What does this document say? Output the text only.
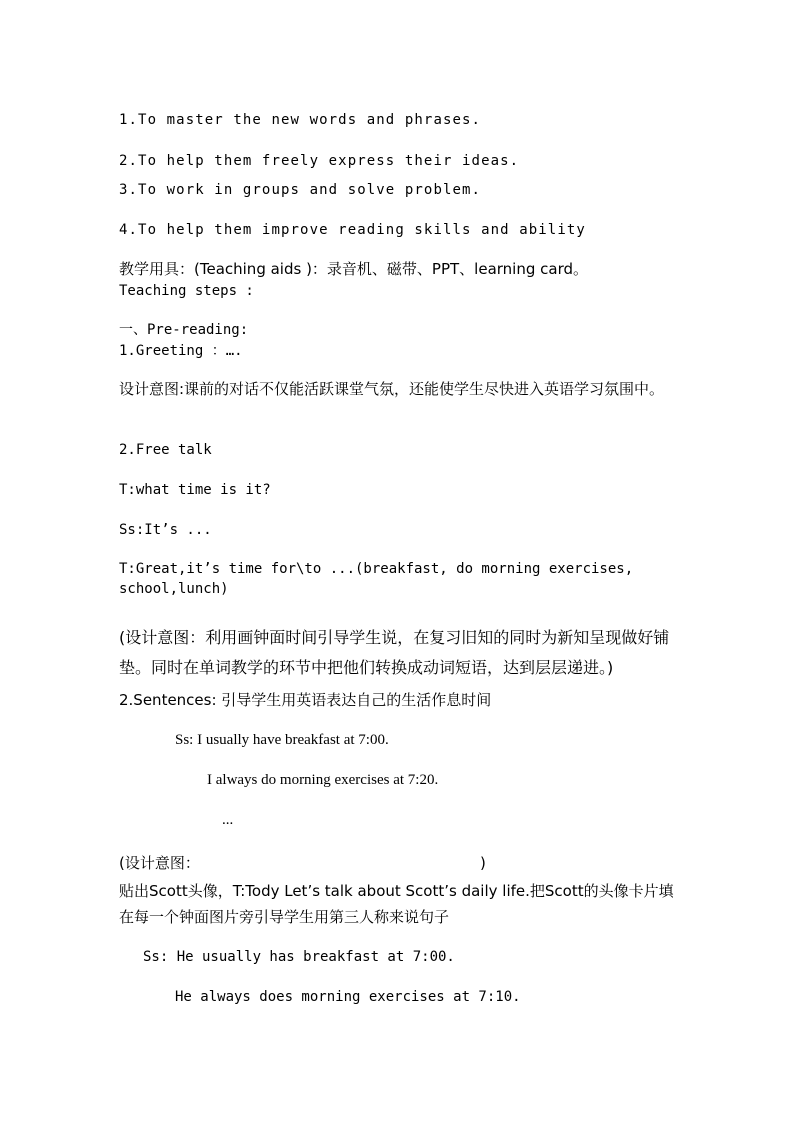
1.To master the new words and phrases.

2.To help them freely express their ideas.

3.To work in groups and solve problem.

4.To help them improve reading skills and ability

教学用具：(Teaching aids )：录音机、磁带、PPT、learning card。

Teaching steps :

一、Pre-reading:

1.Greeting ：….

设计意图:课前的对话不仅能活跃课堂气氛，还能使学生尽快进入英语学习氛围中。

2.Free talk

T:what time is it?

Ss:It’s ...

T:Great,it’s time for\to ...(breakfast, do morning exercises, school,lunch)

(设计意图：利用画钟面时间引导学生说，在复习旧知的同时为新知呈现做好铺垫。同时在单词教学的环节中把他们转换成动词短语，达到层层递进。)

2.Sentences: 引导学生用英语表达自己的生活作息时间

Ss: I usually have breakfast at 7:00.

I always do morning exercises at 7:20.

...

(设计意图：	)

贴出Scott头像，T:Tody Let’s talk about Scott’s daily life.把Scott的头像卡片填在每一个钟面图片旁引导学生用第三人称来说句子

Ss: He usually has breakfast at 7:00.

He always does morning exercises at 7:10.
